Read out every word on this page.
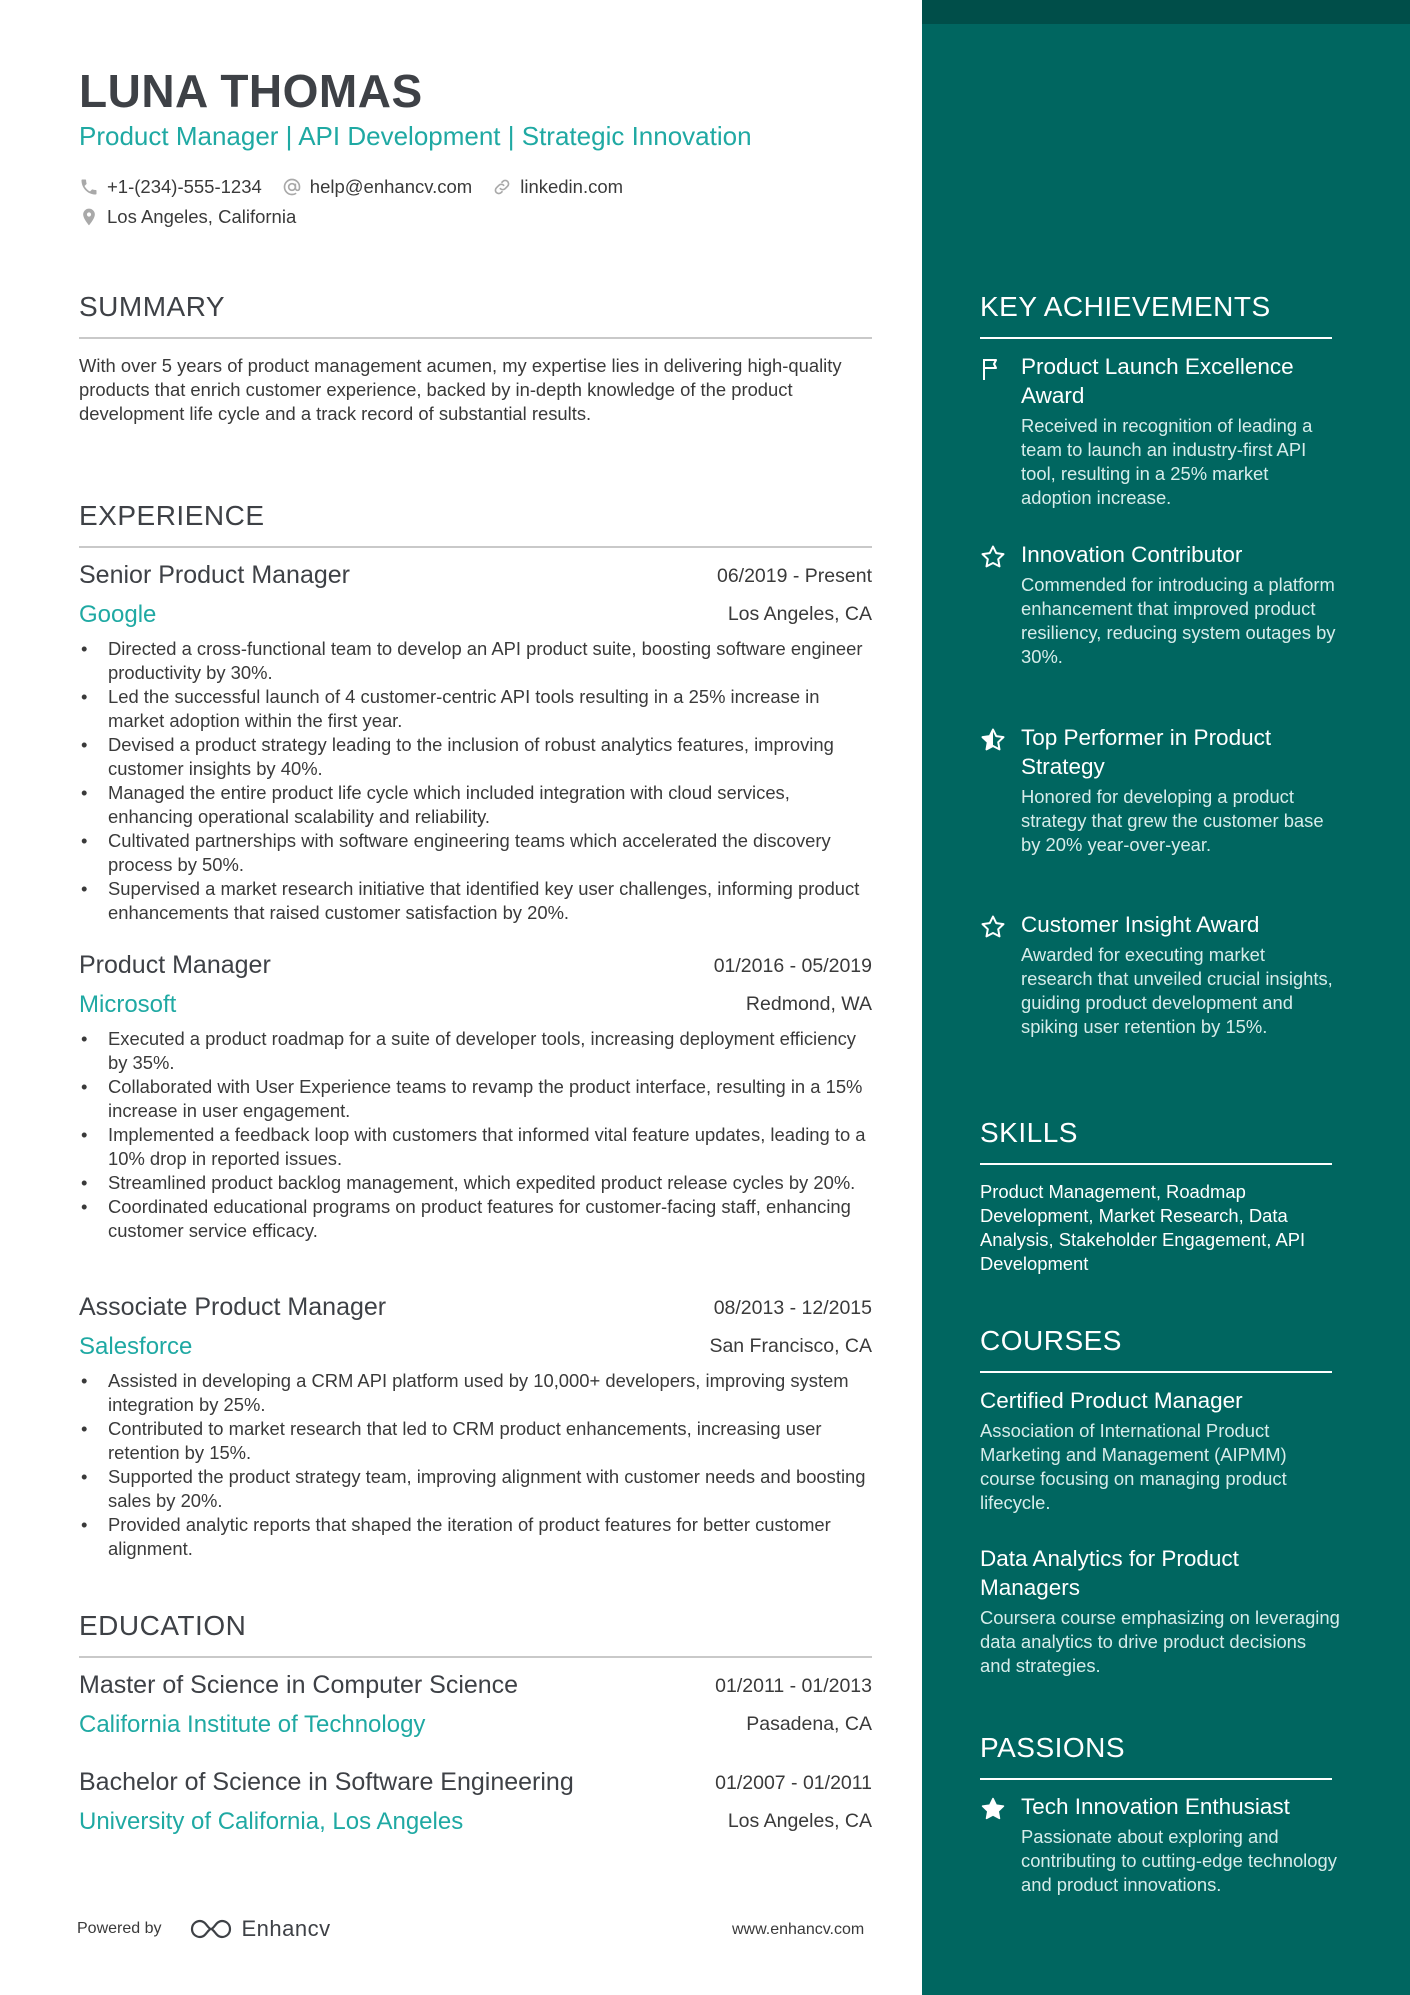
LUNA THOMAS
Product Manager | API Development | Strategic Innovation
+1-(234)-555-1234	help@enhancv.com	linkedin.com
Los Angeles, California
SUMMARY
With over 5 years of product management acumen, my expertise lies in delivering high-quality products that enrich customer experience, backed by in-depth knowledge of the product development life cycle and a track record of substantial results.
EXPERIENCE
Senior Product Manager	06/2019 - Present
Google	Los Angeles, CA
• Directed a cross-functional team to develop an API product suite, boosting software engineer productivity by 30%.
• Led the successful launch of 4 customer-centric API tools resulting in a 25% increase in market adoption within the first year.
• Devised a product strategy leading to the inclusion of robust analytics features, improving customer insights by 40%.
• Managed the entire product life cycle which included integration with cloud services, enhancing operational scalability and reliability.
• Cultivated partnerships with software engineering teams which accelerated the discovery process by 50%.
• Supervised a market research initiative that identified key user challenges, informing product enhancements that raised customer satisfaction by 20%.
Product Manager	01/2016 - 05/2019
Microsoft	Redmond, WA
• Executed a product roadmap for a suite of developer tools, increasing deployment efficiency by 35%.
• Collaborated with User Experience teams to revamp the product interface, resulting in a 15% increase in user engagement.
• Implemented a feedback loop with customers that informed vital feature updates, leading to a 10% drop in reported issues.
• Streamlined product backlog management, which expedited product release cycles by 20%.
• Coordinated educational programs on product features for customer-facing staff, enhancing customer service efficacy.
Associate Product Manager	08/2013 - 12/2015
Salesforce	San Francisco, CA
• Assisted in developing a CRM API platform used by 10,000+ developers, improving system integration by 25%.
• Contributed to market research that led to CRM product enhancements, increasing user retention by 15%.
• Supported the product strategy team, improving alignment with customer needs and boosting sales by 20%.
• Provided analytic reports that shaped the iteration of product features for better customer alignment.
EDUCATION
Master of Science in Computer Science	01/2011 - 01/2013
California Institute of Technology	Pasadena, CA
Bachelor of Science in Software Engineering	01/2007 - 01/2011
University of California, Los Angeles	Los Angeles, CA
Powered by	Enhancv	www.enhancv.com
KEY ACHIEVEMENTS
Product Launch Excellence Award
Received in recognition of leading a team to launch an industry-first API tool, resulting in a 25% market adoption increase.
Innovation Contributor
Commended for introducing a platform enhancement that improved product resiliency, reducing system outages by 30%.
Top Performer in Product Strategy
Honored for developing a product strategy that grew the customer base by 20% year-over-year.
Customer Insight Award
Awarded for executing market research that unveiled crucial insights, guiding product development and spiking user retention by 15%.
SKILLS
Product Management, Roadmap Development, Market Research, Data Analysis, Stakeholder Engagement, API Development
COURSES
Certified Product Manager
Association of International Product Marketing and Management (AIPMM) course focusing on managing product lifecycle.
Data Analytics for Product Managers
Coursera course emphasizing on leveraging data analytics to drive product decisions and strategies.
PASSIONS
Tech Innovation Enthusiast
Passionate about exploring and contributing to cutting-edge technology and product innovations.
